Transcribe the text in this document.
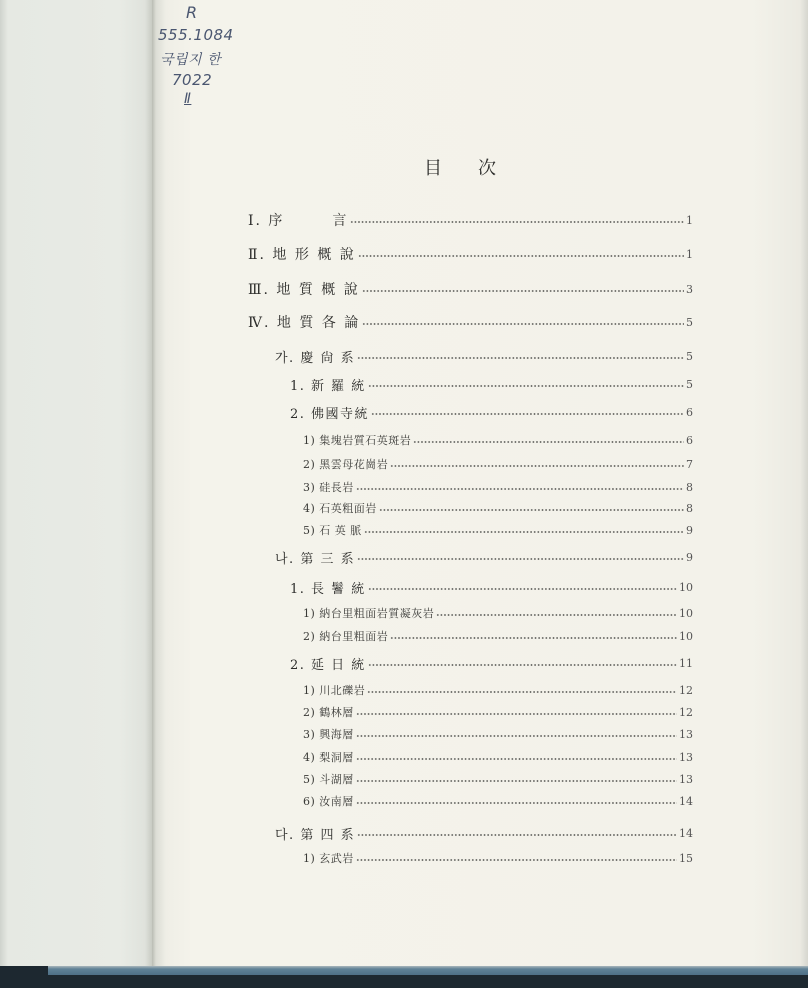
R
555.1084
국립지 한
7022
Ⅱ
目　次
Ⅰ. 序　　　言	1
Ⅱ. 地 形 概 說	1
Ⅲ. 地 質 概 說	3
Ⅳ. 地 質 各 論	5
가. 慶 尙 系	5
1. 新 羅 統	5
2. 佛國寺統	6
1) 集塊岩質石英斑岩	6
2) 黑雲母花崗岩	7
3) 硅長岩	8
4) 石英粗面岩	8
5) 石 英 脈	9
나. 第 三 系	9
1. 長 鬐 統	10
1) 納台里粗面岩質凝灰岩	10
2) 納台里粗面岩	10
2. 延 日 統	11
1) 川北礫岩	12
2) 鶴林層	12
3) 興海層	13
4) 梨洞層	13
5) 斗湖層	13
6) 汝南層	14
다. 第 四 系	14
1) 玄武岩	15
